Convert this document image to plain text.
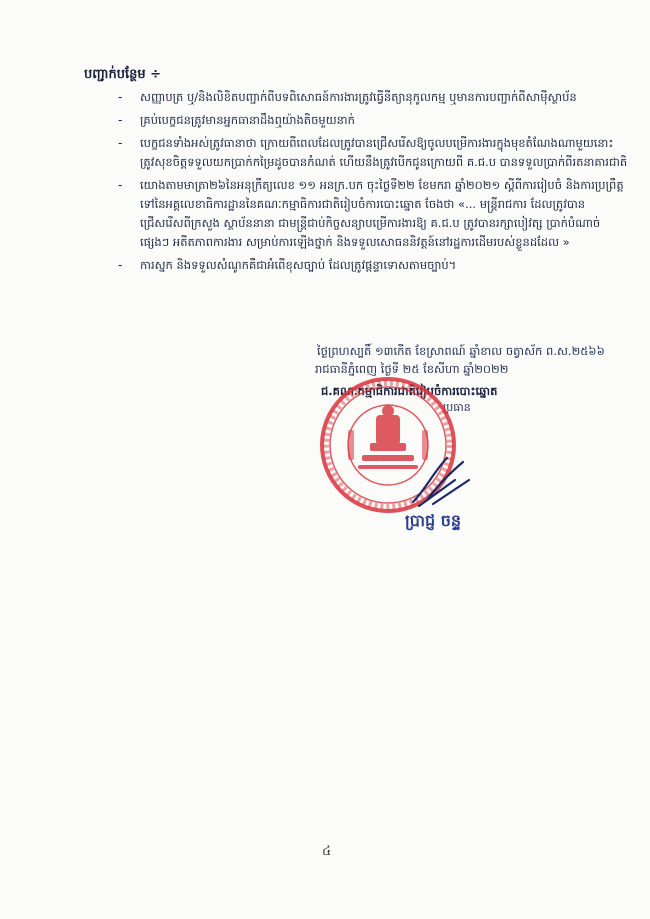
បញ្ជាក់បន្ថែម ÷
-	សញ្ញាបត្រ ឬ/និងលិខិតបញ្ជាក់ពីបទពិសោធន៍ការងារត្រូវធ្វើនីត្យានុកូលកម្ម ឬមានការបញ្ជាក់ពីសាម៉ីស្ថាប័ន
-	គ្រប់បេក្ខជនត្រូវមានអ្នកធានាដឹងឮយ៉ាងតិចមួយនាក់
-	បេក្ខជនទាំងអស់ត្រូវធានាថា ក្រោយពីពេលដែលត្រូវបានជ្រើសរើសឱ្យចូលបម្រើការងារក្នុងមុខតំណែងណាមួយនោះ ត្រូវសុខចិត្តទទួលយកប្រាក់កម្រៃដូចបានកំណត់ ហើយនឹងត្រូវបើកជូនក្រោយពី គ.ជ.ប បានទទួលប្រាក់ពីរតនាគារជាតិ
-	យោងតាមមាត្រា២៦នៃអនុក្រឹត្យលេខ ១១ អនក្រ.បក ចុះថ្ងៃទី២២ ខែមករា ឆ្នាំ២០២១ ស្តីពីការរៀបចំ និងការប្រព្រឹត្តទៅនៃអគ្គលេខាធិការដ្ឋាននៃគណៈកម្មាធិការជាតិរៀបចំការបោះឆ្នោត ចែងថា «... មន្ត្រីរាជការ ដែលត្រូវបានជ្រើសរើសពីក្រសួង ស្ថាប័ននានា ជាមន្ត្រីជាប់កិច្ចសន្យាបម្រើការងារឱ្យ គ.ជ.ប ត្រូវបានរក្សាបៀវត្ស ប្រាក់បំណាច់ផ្សេងៗ អតីតភាពការងារ សម្រាប់ការឡើងថ្នាក់ និងទទួលសោធននិវត្តន៍នៅរដ្ឋការដើមរបស់ខ្លួនដដែល »
-	ការស្នក និងទទួលសំណូកគឺជាអំពើខុសច្បាប់ ដែលត្រូវផ្តន្ទាទោសតាមច្បាប់។
ថ្ងៃព្រហស្បតិ៍ ១៣កើត ខែស្រាពណ៍ ឆ្នាំខាល ចត្វាស័ក ព.ស.២៥៦៦
រាជធានីភ្នំពេញ ថ្ងៃទី ២៥ ខែសីហា ឆ្នាំ២០២២
ជ.គណៈកម្មាធិការជាតិរៀបចំការបោះឆ្នោត
ប្រធាន
ប្រាជ្ញ ចន្ទ
៤
